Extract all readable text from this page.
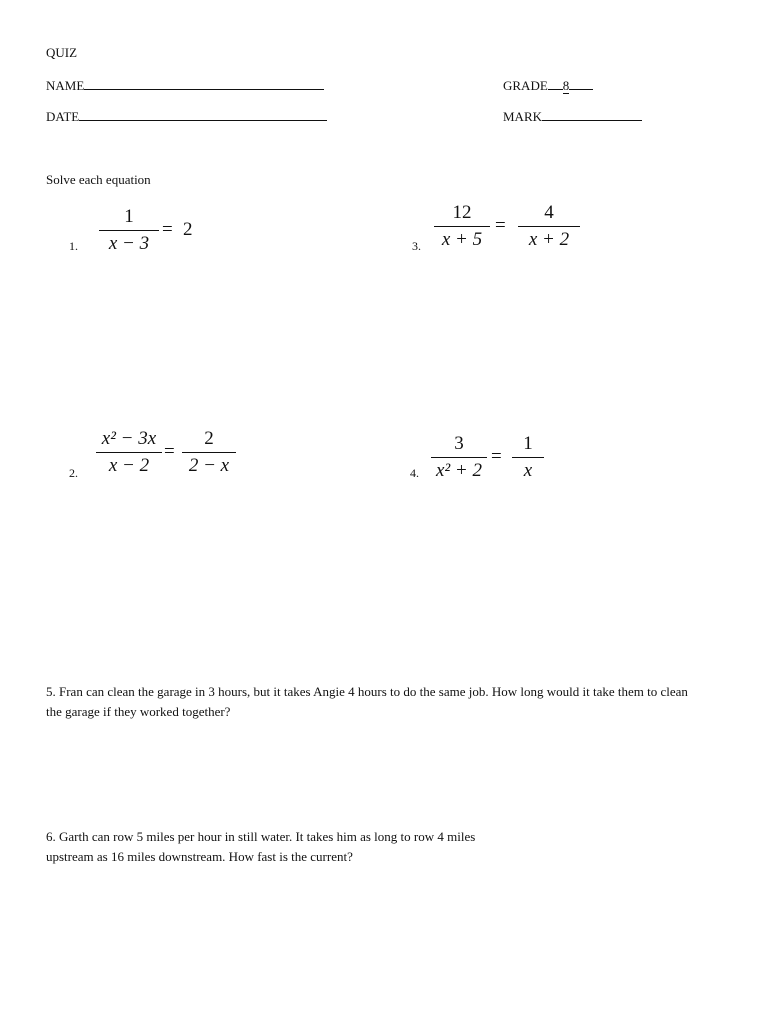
QUIZ
NAME
DATE
GRADE 8
MARK
Solve each equation
1.
1
x − 3
= 2
3.
12
x + 5
=
4
x + 2
2.
x² − 3x
x − 2
=
2
2 − x	4.
3
x² + 2
=
1
x
5. Fran can clean the garage in 3 hours, but it takes Angie 4 hours to do the same job. How long would it take them to clean the garage if they worked together?
6. Garth can row 5 miles per hour in still water. It takes him as long to row 4 miles
upstream as 16 miles downstream. How fast is the current?
